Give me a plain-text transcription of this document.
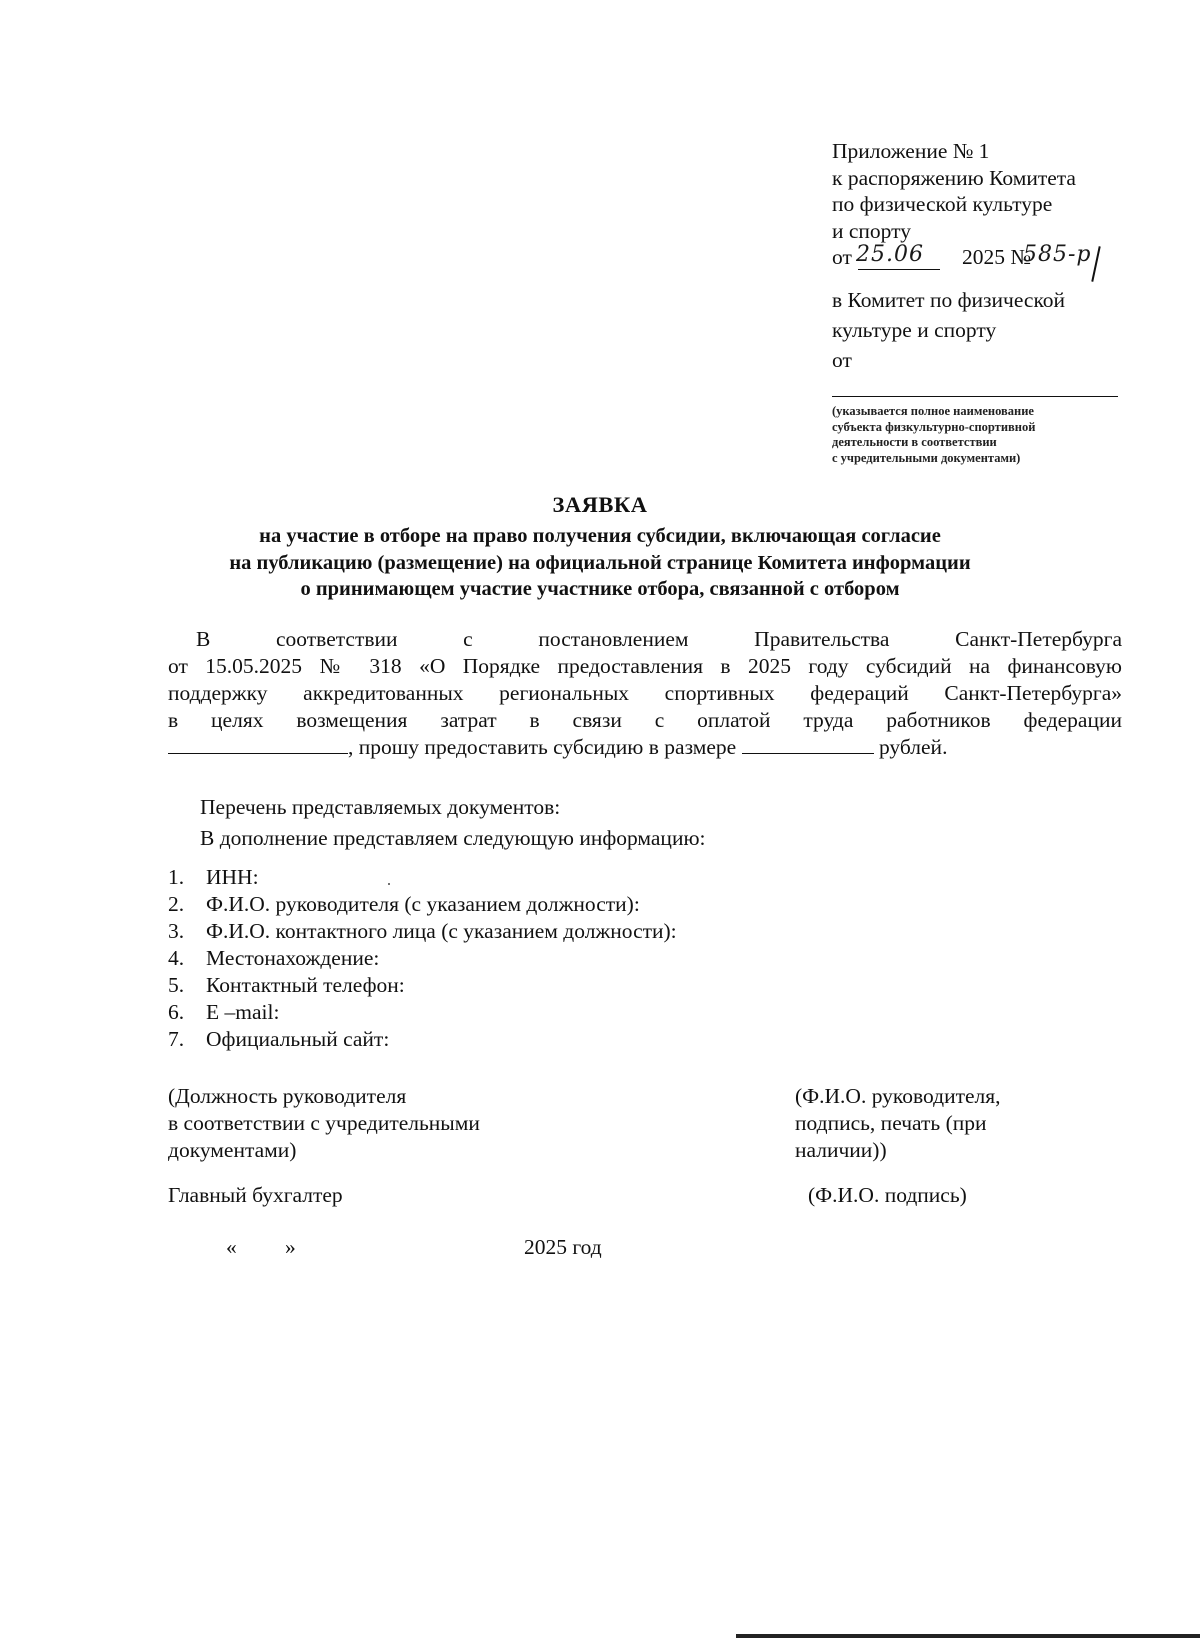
Приложение № 1
к распоряжению Комитета
по физической культуре
и спорту
от 25.06 2025 №
585-р
в Комитет по физической
культуре и спорту
от
(указывается полное наименование
субъекта физкультурно-спортивной
деятельности в соответствии
с учредительными документами)
ЗАЯВКА
на участие в отборе на право получения субсидии, включающая согласие
на публикацию (размещение) на официальной странице Комитета информации
о принимающем участие участнике отбора, связанной с отбором
В соответствии с постановлением Правительства Санкт-Петербурга
от 15.05.2025 № 318 «О Порядке предоставления в 2025 году субсидий на финансовую
поддержку аккредитованных региональных спортивных федераций Санкт-Петербурга»
в целях возмещения затрат в связи с оплатой труда работников федерации
, прошу предоставить субсидию в размере	рублей.
Перечень представляемых документов:
В дополнение представляем следующую информацию:
1. ИНН:
2. Ф.И.О. руководителя (с указанием должности):
3. Ф.И.О. контактного лица (с указанием должности):
4. Местонахождение:
5. Контактный телефон:
6. E –mail:
7. Официальный сайт:
(Должность руководителя
в соответствии с учредительными
документами)
(Ф.И.О. руководителя,
подпись, печать (при
наличии))
Главный бухгалтер	(Ф.И.О. подпись)
« »	2025 год
